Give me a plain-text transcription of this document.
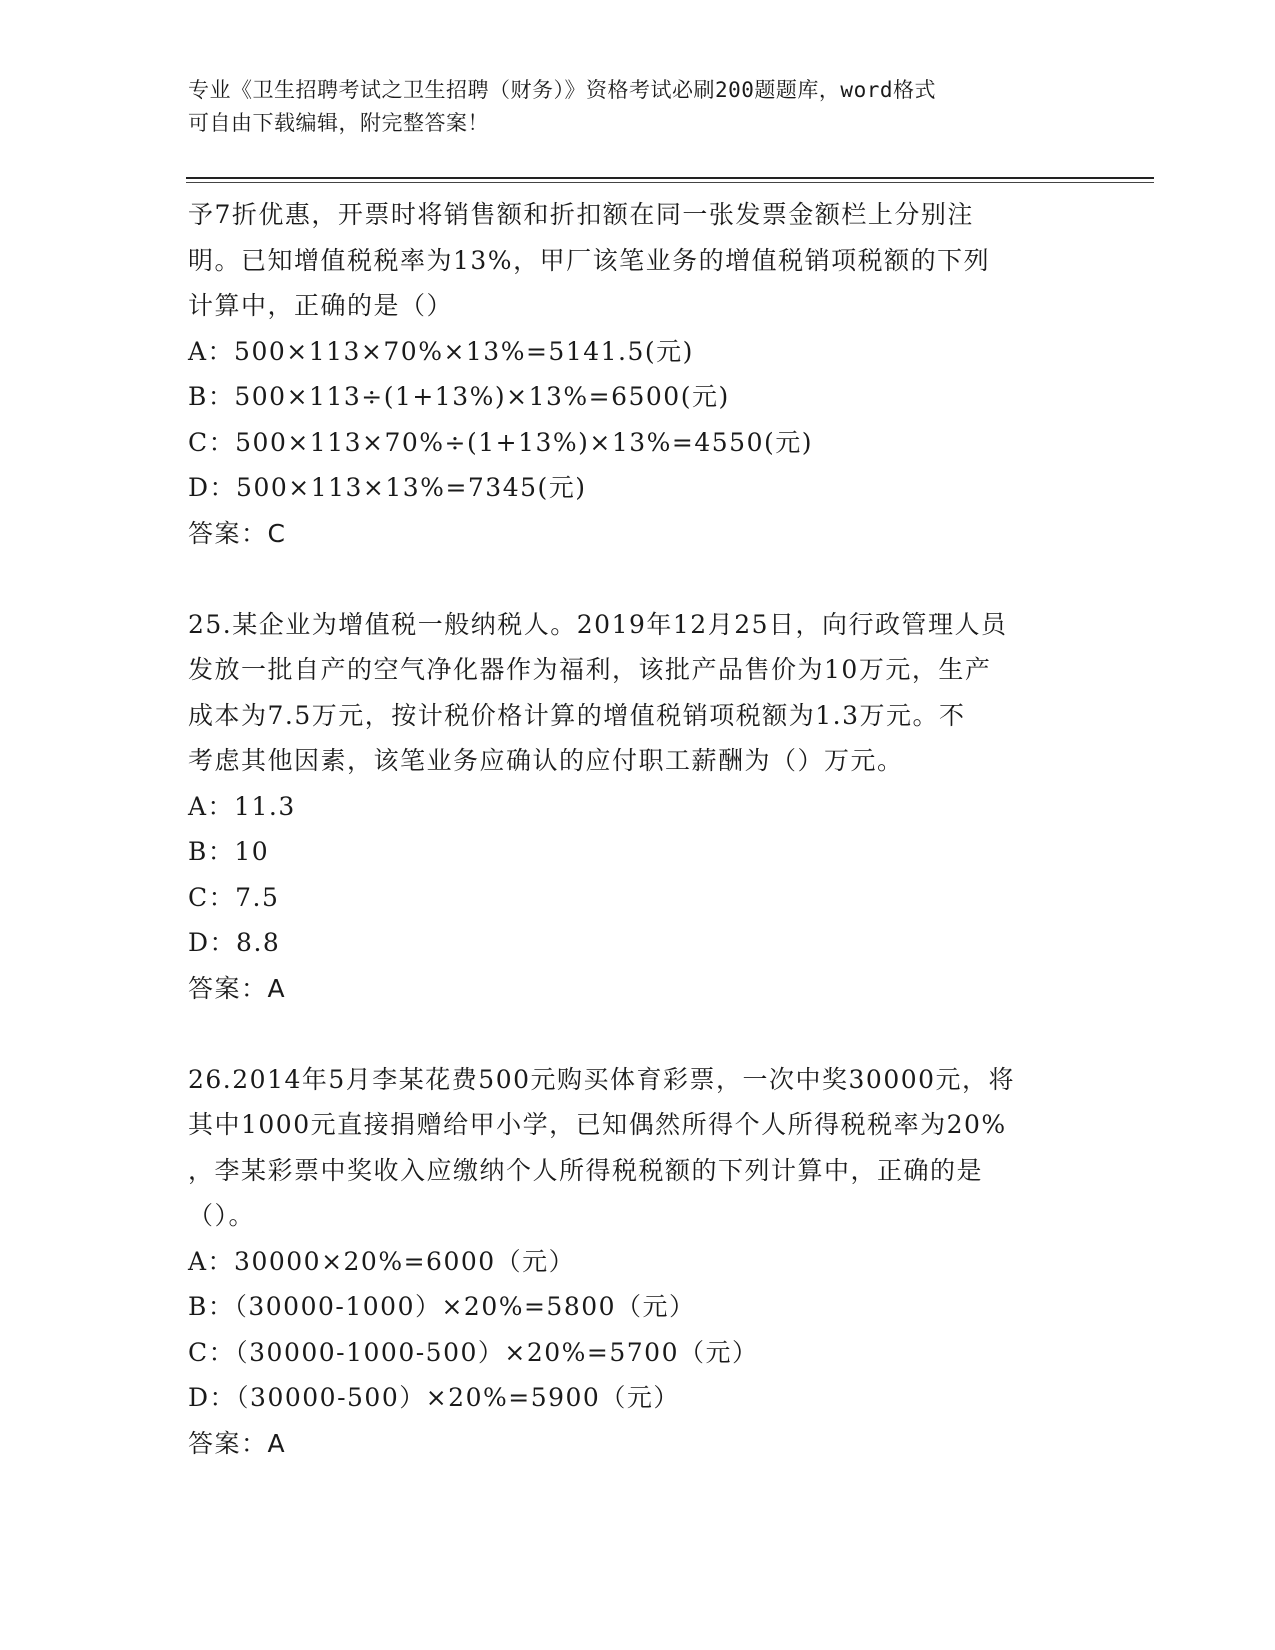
专业《卫生招聘考试之卫生招聘（财务）》资格考试必刷200题题库，word格式
可自由下载编辑，附完整答案！

予7折优惠，开票时将销售额和折扣额在同一张发票金额栏上分别注

明。已知增值税税率为13%，甲厂该笔业务的增值税销项税额的下列

计算中，正确的是（）

A：500×113×70%×13%=5141.5(元)

B：500×113÷(1+13%)×13%=6500(元)

C：500×113×70%÷(1+13%)×13%=4550(元)

D：500×113×13%=7345(元)

答案：C

25.某企业为增值税一般纳税人。2019年12月25日，向行政管理人员

发放一批自产的空气净化器作为福利，该批产品售价为10万元，生产

成本为7.5万元，按计税价格计算的增值税销项税额为1.3万元。不

考虑其他因素，该笔业务应确认的应付职工薪酬为（）万元。

A：11.3

B：10

C：7.5

D：8.8

答案：A

26.2014年5月李某花费500元购买体育彩票，一次中奖30000元，将

其中1000元直接捐赠给甲小学，已知偶然所得个人所得税税率为20%

，李某彩票中奖收入应缴纳个人所得税税额的下列计算中，正确的是

（）。

A：30000×20%=6000（元）

B：（30000-1000）×20%=5800（元）

C：（30000-1000-500）×20%=5700（元）

D：（30000-500）×20%=5900（元）

答案：A
